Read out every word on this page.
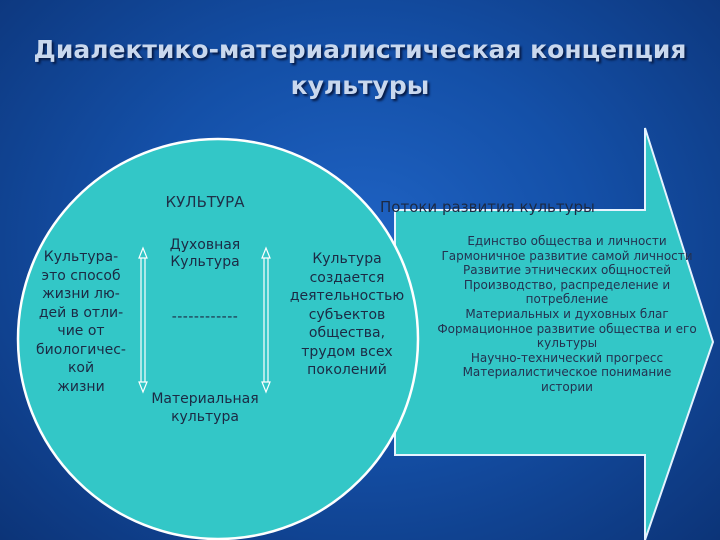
Диалектико-материалистическая концепция
культуры
КУЛЬТУРА
Культура-
это способ
жизни лю-
дей в отли-
чие от
биологичес-
кой
жизни
Духовная
Культура
------------
Материальная
культура
Потоки развития культуры
Культура
создается
деятельностью
субъектов
общества,
трудом всех
поколений
Единство общества и личности
Гармоничное развитие самой личности
Развитие этнических общностей
Производство, распределение и
потребление
Материальных и духовных благ
Формационное развитие общества и его
культуры
Научно-технический прогресс
Материалистическое понимание
истории
